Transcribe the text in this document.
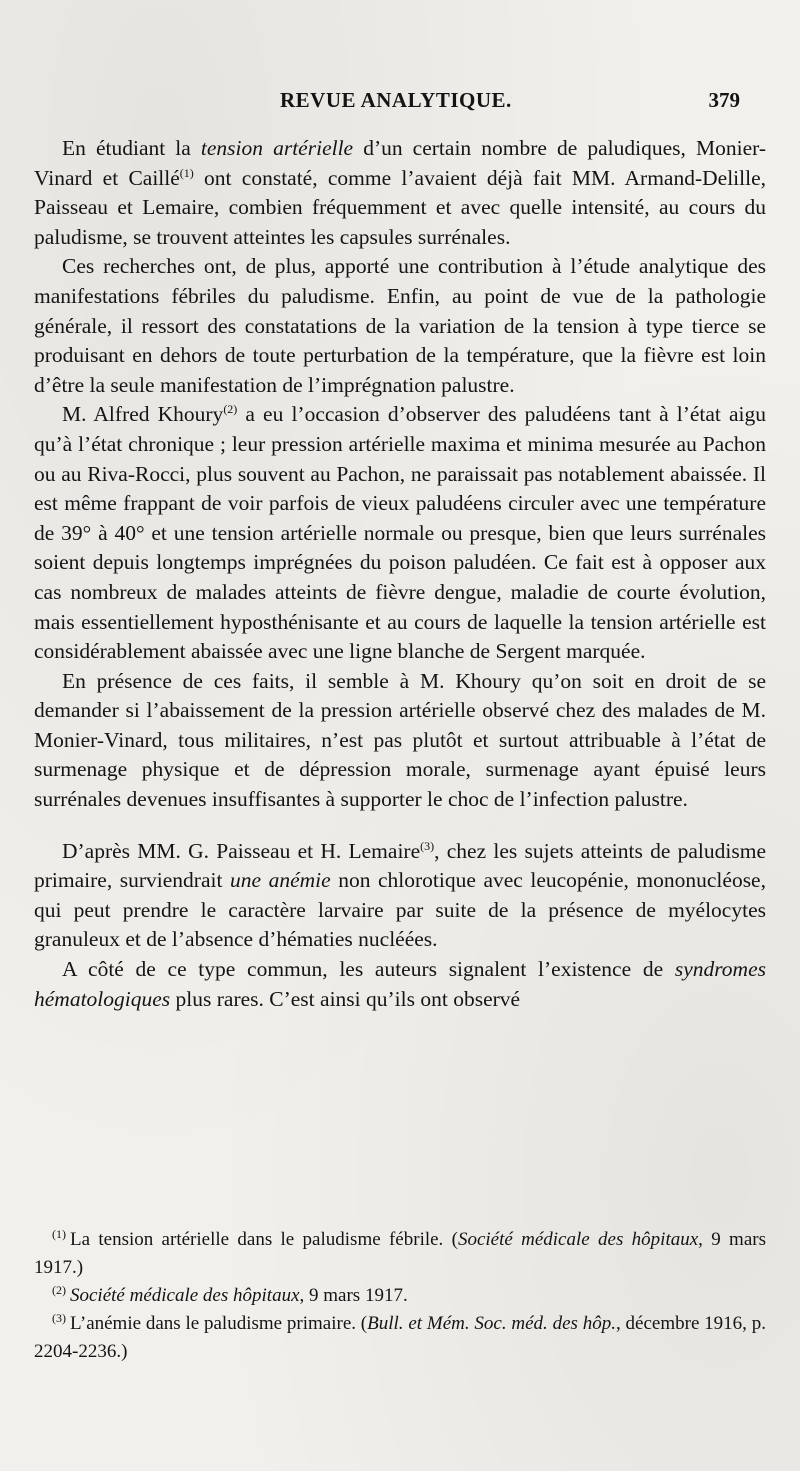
REVUE ANALYTIQUE.	379

En étudiant la tension artérielle d’un certain nombre de paludiques, Monier-Vinard et Caillé$^{(1)}$ ont constaté, comme l’avaient déjà fait MM. Armand-Delille, Paisseau et Lemaire, combien fréquemment et avec quelle intensité, au cours du paludisme, se trouvent atteintes les capsules surrénales.

Ces recherches ont, de plus, apporté une contribution à l’étude analytique des manifestations fébriles du paludisme. Enfin, au point de vue de la pathologie générale, il ressort des constatations de la variation de la tension à type tierce se produisant en dehors de toute perturbation de la température, que la fièvre est loin d’être la seule manifestation de l’imprégnation palustre.

M. Alfred Khoury$^{(2)}$ a eu l’occasion d’observer des paludéens tant à l’état aigu qu’à l’état chronique ; leur pression artérielle maxima et minima mesurée au Pachon ou au Riva-Rocci, plus souvent au Pachon, ne paraissait pas notablement abaissée. Il est même frappant de voir parfois de vieux paludéens circuler avec une température de 39° à 40° et une tension artérielle normale ou presque, bien que leurs surrénales soient depuis longtemps imprégnées du poison paludéen. Ce fait est à opposer aux cas nombreux de malades atteints de fièvre dengue, maladie de courte évolution, mais essentiellement hyposthénisante et au cours de laquelle la tension artérielle est considérablement abaissée avec une ligne blanche de Sergent marquée.

En présence de ces faits, il semble à M. Khoury qu’on soit en droit de se demander si l’abaissement de la pression artérielle observé chez des malades de M. Monier-Vinard, tous militaires, n’est pas plutôt et surtout attribuable à l’état de surmenage physique et de dépression morale, surmenage ayant épuisé leurs surrénales devenues insuffisantes à supporter le choc de l’infection palustre.

D’après MM. G. Paisseau et H. Lemaire$^{(3)}$, chez les sujets atteints de paludisme primaire, surviendrait une anémie non chlorotique avec leucopénie, mononucléose, qui peut prendre le caractère larvaire par suite de la présence de myélocytes granuleux et de l’absence d’hématies nucléées.

A côté de ce type commun, les auteurs signalent l’existence de syndromes hématologiques plus rares. C’est ainsi qu’ils ont observé

$^{(1)}$ La tension artérielle dans le paludisme fébrile. (Société médicale des hôpitaux, 9 mars 1917.)

$^{(2)}$ Société médicale des hôpitaux, 9 mars 1917.

$^{(3)}$ L’anémie dans le paludisme primaire. (Bull. et Mém. Soc. méd. des hôp., décembre 1916, p. 2204-2236.)
